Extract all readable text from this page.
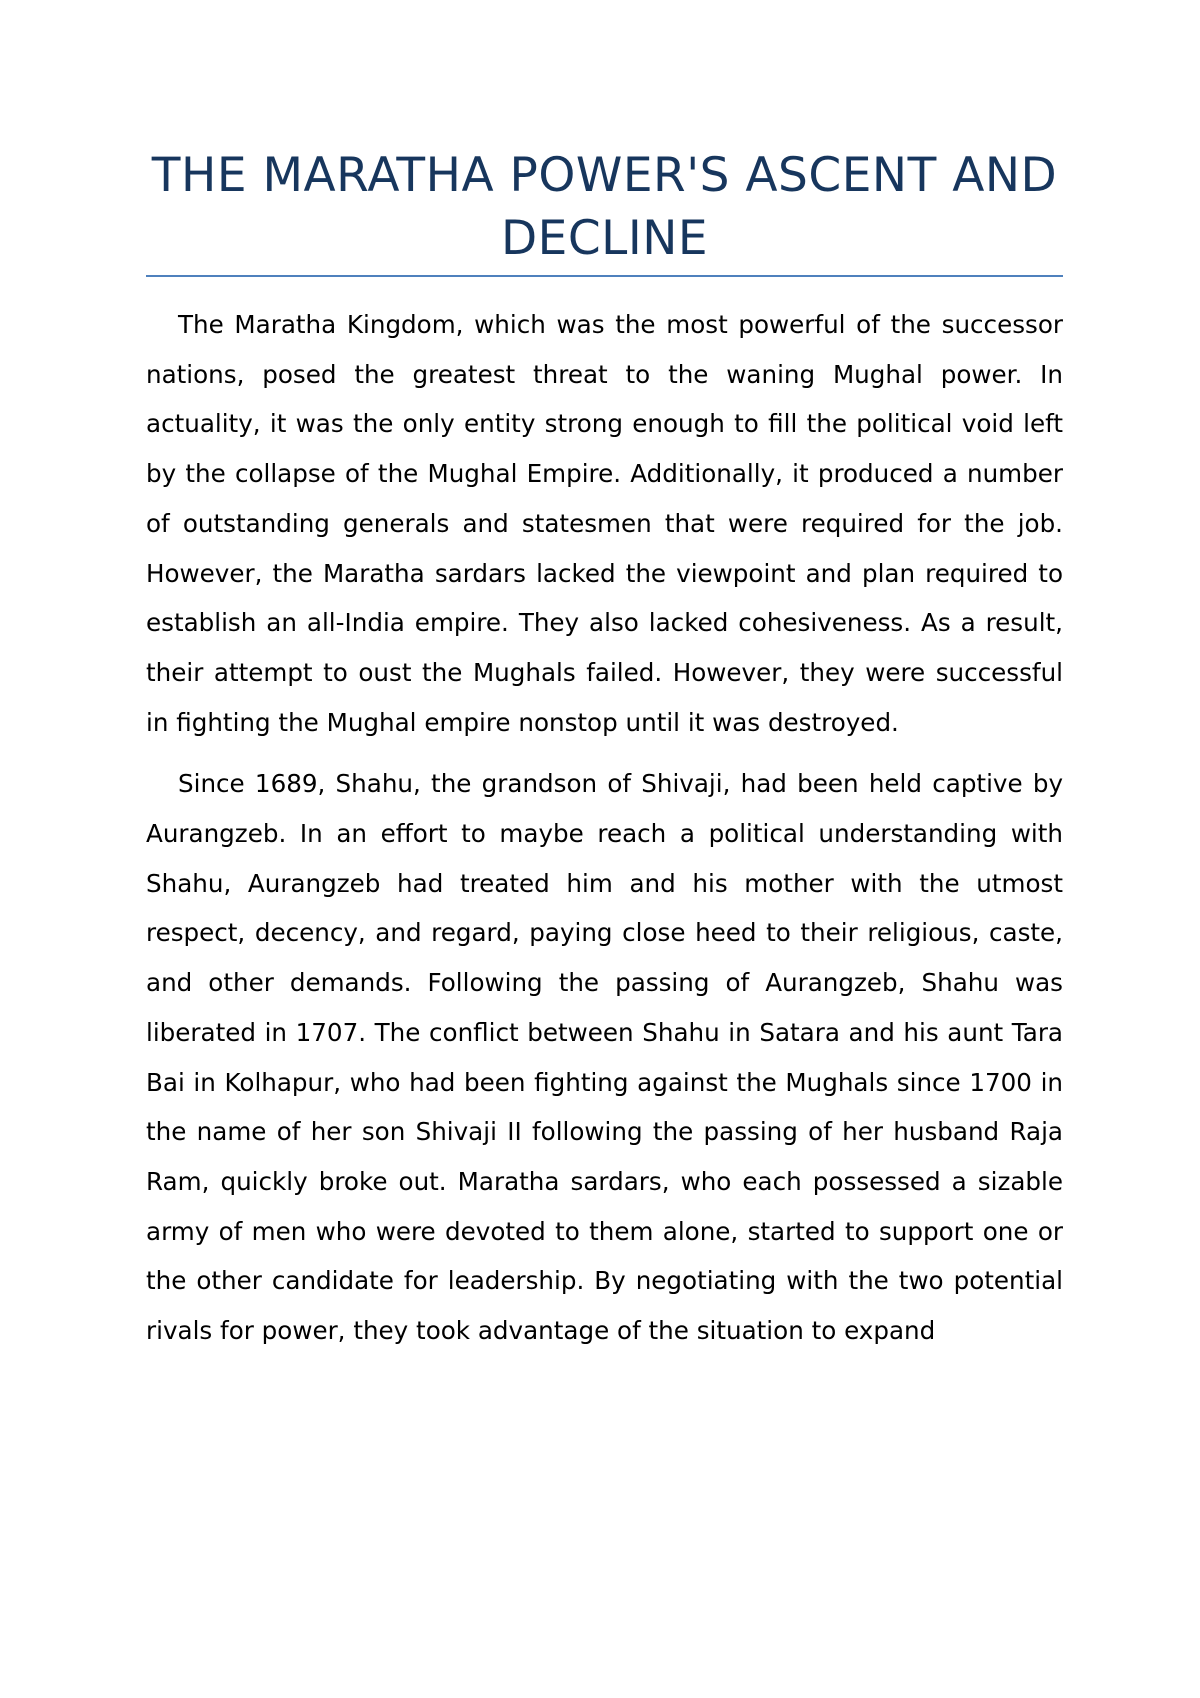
THE MARATHA POWER'S ASCENT AND DECLINE

The Maratha Kingdom, which was the most powerful of the successor nations, posed the greatest threat to the waning Mughal power. In actuality, it was the only entity strong enough to fill the political void left by the collapse of the Mughal Empire. Additionally, it produced a number of outstanding generals and statesmen that were required for the job. However, the Maratha sardars lacked the viewpoint and plan required to establish an all-India empire. They also lacked cohesiveness. As a result, their attempt to oust the Mughals failed. However, they were successful in fighting the Mughal empire nonstop until it was destroyed.

Since 1689, Shahu, the grandson of Shivaji, had been held captive by Aurangzeb. In an effort to maybe reach a political understanding with Shahu, Aurangzeb had treated him and his mother with the utmost respect, decency, and regard, paying close heed to their religious, caste, and other demands. Following the passing of Aurangzeb, Shahu was liberated in 1707. The conflict between Shahu in Satara and his aunt Tara Bai in Kolhapur, who had been fighting against the Mughals since 1700 in the name of her son Shivaji II following the passing of her husband Raja Ram, quickly broke out. Maratha sardars, who each possessed a sizable army of men who were devoted to them alone, started to support one or the other candidate for leadership. By negotiating with the two potential rivals for power, they took advantage of the situation to expand
